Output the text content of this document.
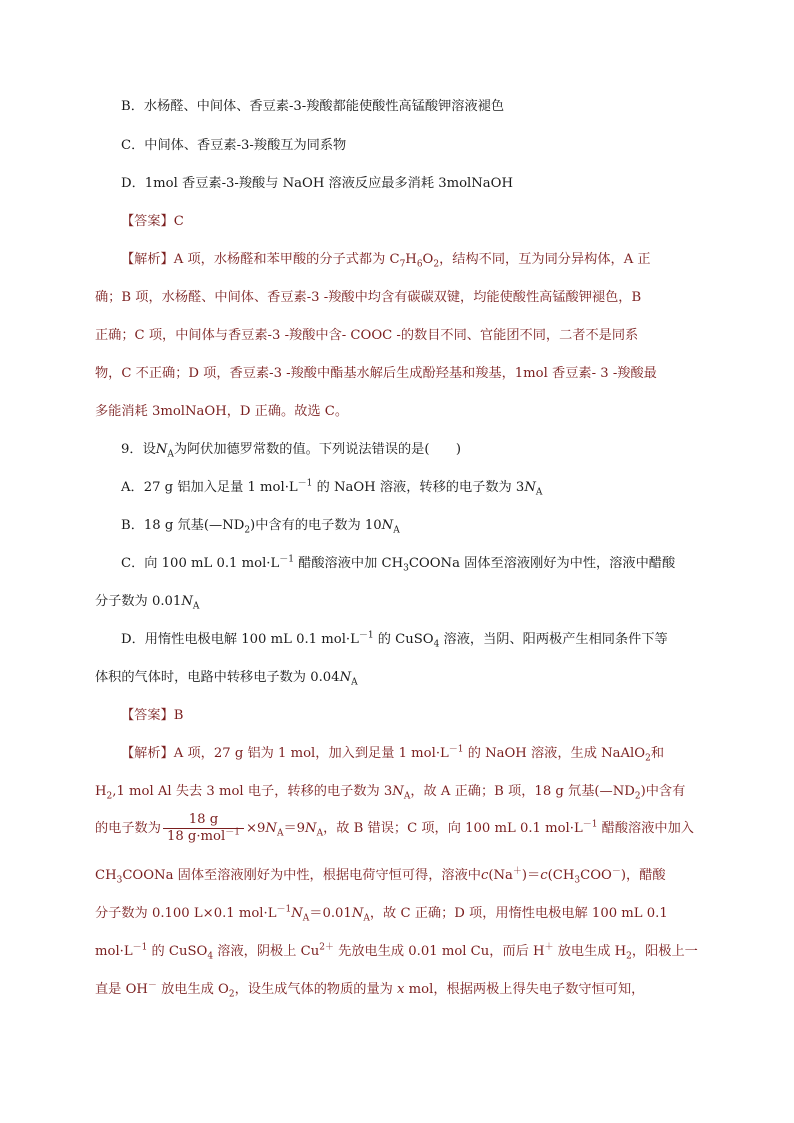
B．水杨醛、中间体、香豆素-3-羧酸都能使酸性高锰酸钾溶液褪色
C．中间体、香豆素-3-羧酸互为同系物
D．1mol 香豆素-3-羧酸与 NaOH 溶液反应最多消耗 3molNaOH
【答案】C
【解析】A 项，水杨醛和苯甲酸的分子式都为 $C_7H_6O_2$，结构不同，互为同分异构体，A 正
确；B 项，水杨醛、中间体、香豆素-3 -羧酸中均含有碳碳双键，均能使酸性高锰酸钾褪色，B
正确；C 项，中间体与香豆素-3 -羧酸中含- COOC -的数目不同、官能团不同，二者不是同系
物，C 不正确；D 项，香豆素-3 -羧酸中酯基水解后生成酚羟基和羧基，1mol 香豆素- 3 -羧酸最
多能消耗 3molNaOH，D 正确。故选 C。
9．设$N_A$为阿伏加德罗常数的值。下列说法错误的是(　　)
A．27 g 铝加入足量 1 $mol\cdot L^{-1}$ 的 NaOH 溶液，转移的电子数为 $3N_A$
B．18 g 氘基$(—ND_2)$中含有的电子数为 $10N_A$
C．向 100 mL 0.1 $mol\cdot L^{-1}$ 醋酸溶液中加 $CH_3COONa$ 固体至溶液刚好为中性，溶液中醋酸
分子数为 $0.01N_A$
D．用惰性电极电解 100 mL 0.1 $mol\cdot L^{-1}$ 的 CuSO$_4$ 溶液，当阴、阳两极产生相同条件下等
体积的气体时，电路中转移电子数为 $0.04N_A$
【答案】B
【解析】A 项，27 g 铝为 1 mol，加入到足量 1 $mol\cdot L^{-1}$ 的 NaOH 溶液，生成 NaAlO$_2$和
$H_2,1$ mol Al 失去 3 mol 电子，转移的电子数为 $3N_A$，故 A 正确；B 项，18 g 氘基$(—ND_2)$中含有
的电子数为 $\frac{18 g}{18 g\cdot mol^{-1}} \times 9N_A=9N_A$，故 B 错误；C 项，向 100 mL 0.1 $mol\cdot L^{-1}$ 醋酸溶液中加入
$CH_3COONa$ 固体至溶液刚好为中性，根据电荷守恒可得，溶液中$c(Na^+)=c(CH_3COO^-)$，醋酸
分子数为 0.100 L×0.1 $mol\cdot L^{-1}N_A=0.01N_A$，故 C 正确；D 项，用惰性电极电解 100 mL 0.1
$mol\cdot L^{-1}$ 的 CuSO$_4$ 溶液，阴极上 $Cu^{2+}$ 先放电生成 0.01 mol Cu，而后 H＋ 放电生成 $H_2$，阳极上一
直是 OH－ 放电生成 $O_2$，设生成气体的物质的量为 x mol，根据两极上得失电子数守恒可知，
